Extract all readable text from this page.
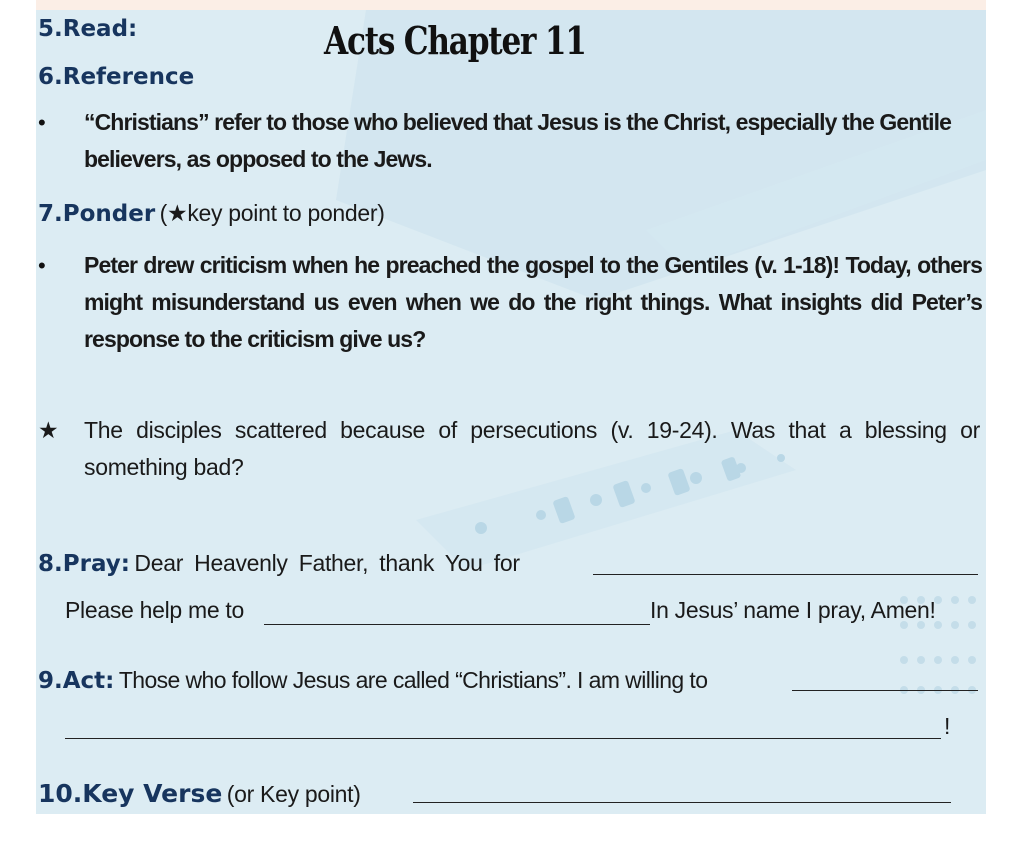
5.Read:	Acts Chapter 11
6.Reference
• “Christians” refer to those who believed that Jesus is the Christ, especially the Gentile believers, as opposed to the Jews.
7.Ponder (★key point to ponder)
• Peter drew criticism when he preached the gospel to the Gentiles (v. 1-18)! Today, others might misunderstand us even when we do the right things. What insights did Peter’s response to the criticism give us?
★ The disciples scattered because of persecutions (v. 19-24). Was that a blessing or something bad?
8.Pray: Dear Heavenly Father, thank You for
Please help me to	In Jesus’ name I pray, Amen!
9.Act: Those who follow Jesus are called “Christians”. I am willing to
!
10.Key Verse (or Key point)
